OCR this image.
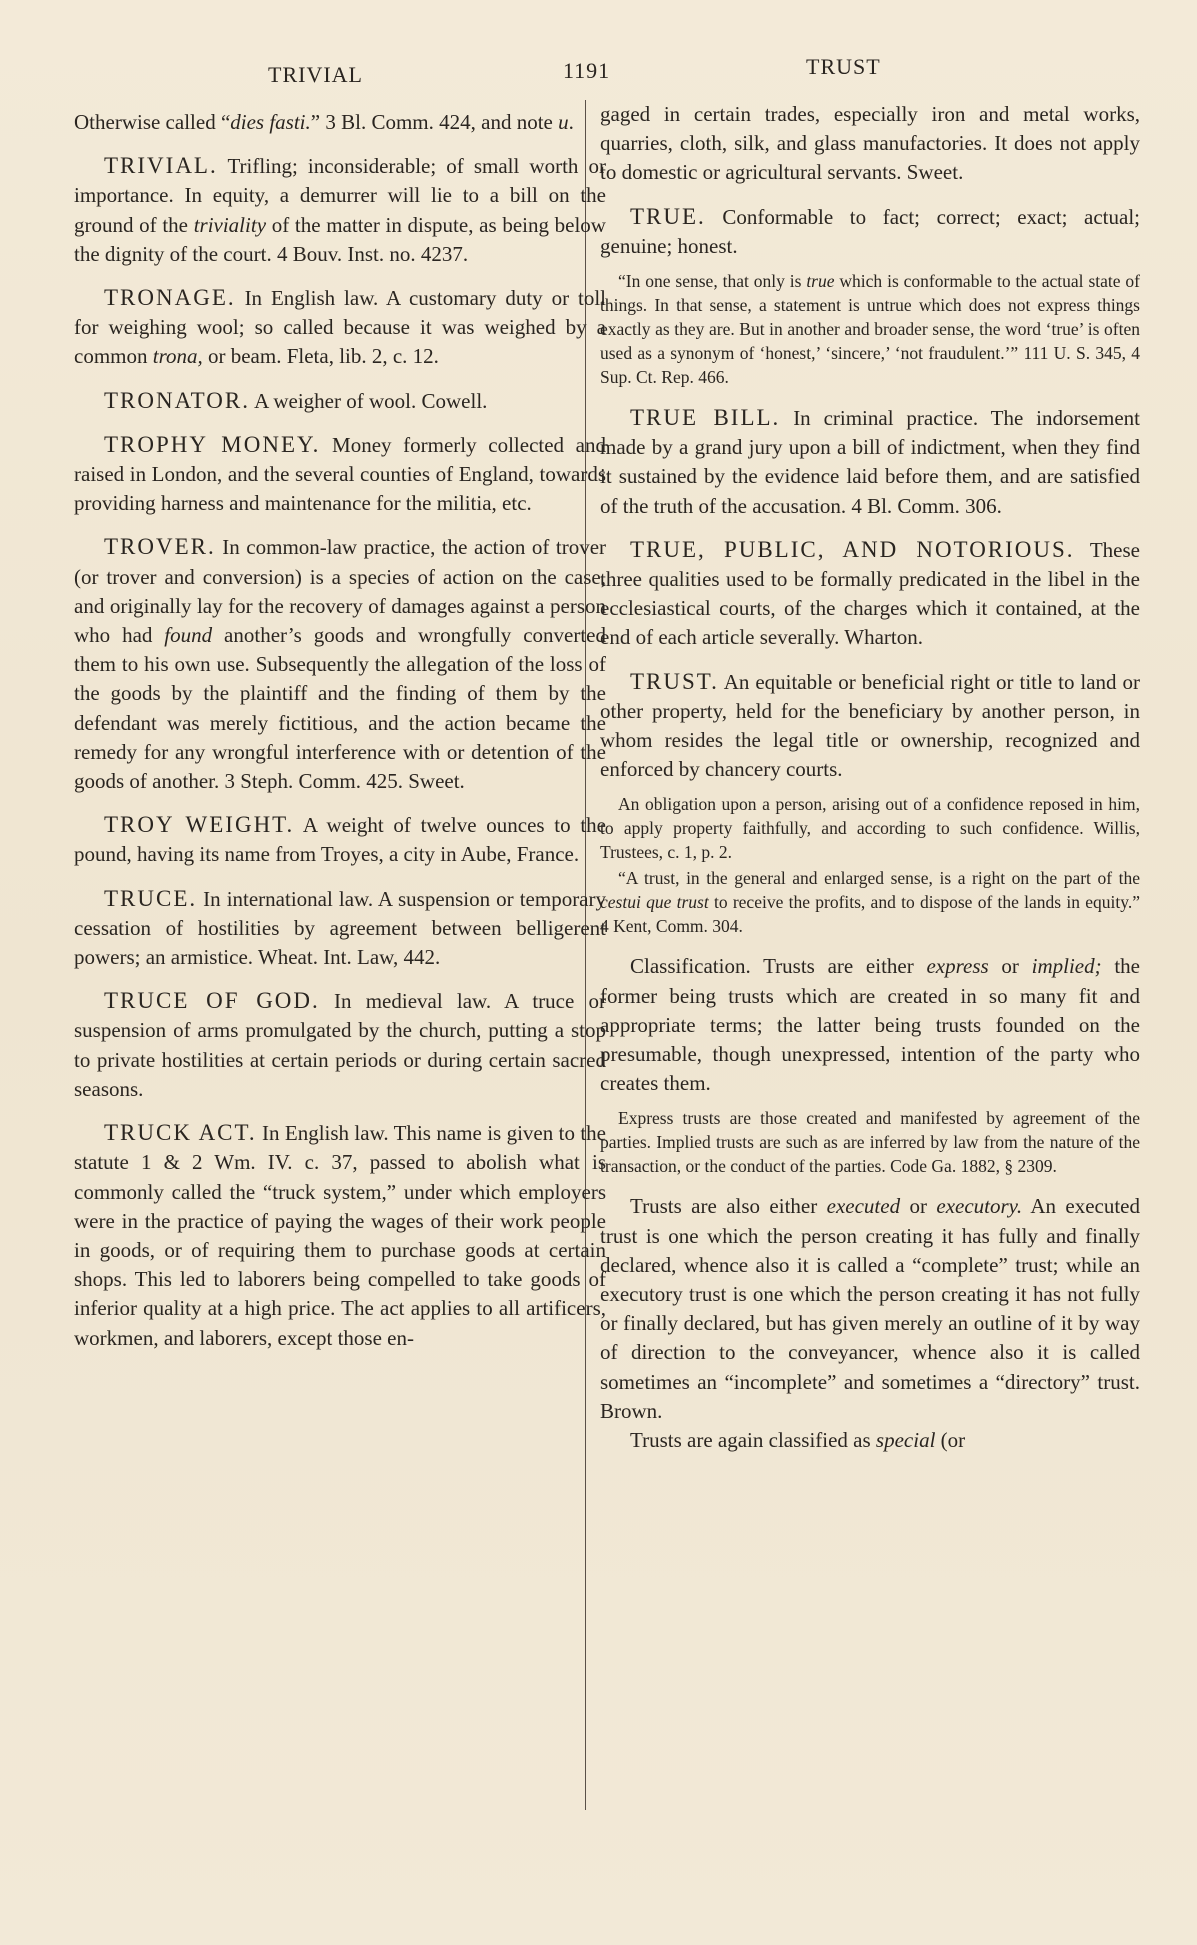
TRIVIAL	1191	TRUST

Otherwise called “dies fasti.” 3 Bl. Comm. 424, and note u.

TRIVIAL. Trifling; inconsiderable; of small worth or importance. In equity, a demurrer will lie to a bill on the ground of the triviality of the matter in dispute, as being below the dignity of the court. 4 Bouv. Inst. no. 4237.

TRONAGE. In English law. A customary duty or toll for weighing wool; so called because it was weighed by a common trona, or beam. Fleta, lib. 2, c. 12.

TRONATOR. A weigher of wool. Cowell.

TROPHY MONEY. Money formerly collected and raised in London, and the several counties of England, towards providing harness and maintenance for the militia, etc.

TROVER. In common-law practice, the action of trover (or trover and conversion) is a species of action on the case, and originally lay for the recovery of damages against a person who had found another’s goods and wrongfully converted them to his own use. Subsequently the allegation of the loss of the goods by the plaintiff and the finding of them by the defendant was merely fictitious, and the action became the remedy for any wrongful interference with or detention of the goods of another. 3 Steph. Comm. 425. Sweet.

TROY WEIGHT. A weight of twelve ounces to the pound, having its name from Troyes, a city in Aube, France.

TRUCE. In international law. A suspension or temporary cessation of hostilities by agreement between belligerent powers; an armistice. Wheat. Int. Law, 442.

TRUCE OF GOD. In medieval law. A truce or suspension of arms promulgated by the church, putting a stop to private hostilities at certain periods or during certain sacred seasons.

TRUCK ACT. In English law. This name is given to the statute 1 & 2 Wm. IV. c. 37, passed to abolish what is commonly called the “truck system,” under which employers were in the practice of paying the wages of their work people in goods, or of requiring them to purchase goods at certain shops. This led to laborers being compelled to take goods of inferior quality at a high price. The act applies to all artificers, workmen, and laborers, except those en-

gaged in certain trades, especially iron and metal works, quarries, cloth, silk, and glass manufactories. It does not apply to domestic or agricultural servants. Sweet.

TRUE. Conformable to fact; correct; exact; actual; genuine; honest.

“In one sense, that only is true which is conformable to the actual state of things. In that sense, a statement is untrue which does not express things exactly as they are. But in another and broader sense, the word ‘true’ is often used as a synonym of ‘honest,’ ‘sincere,’ ‘not fraudulent.’” 111 U. S. 345, 4 Sup. Ct. Rep. 466.

TRUE BILL. In criminal practice. The indorsement made by a grand jury upon a bill of indictment, when they find it sustained by the evidence laid before them, and are satisfied of the truth of the accusation. 4 Bl. Comm. 306.

TRUE, PUBLIC, AND NOTORIOUS. These three qualities used to be formally predicated in the libel in the ecclesiastical courts, of the charges which it contained, at the end of each article severally. Wharton.

TRUST. An equitable or beneficial right or title to land or other property, held for the beneficiary by another person, in whom resides the legal title or ownership, recognized and enforced by chancery courts.

An obligation upon a person, arising out of a confidence reposed in him, to apply property faithfully, and according to such confidence. Willis, Trustees, c. 1, p. 2.

“A trust, in the general and enlarged sense, is a right on the part of the cestui que trust to receive the profits, and to dispose of the lands in equity.” 4 Kent, Comm. 304.

Classification. Trusts are either express or implied; the former being trusts which are created in so many fit and appropriate terms; the latter being trusts founded on the presumable, though unexpressed, intention of the party who creates them.

Express trusts are those created and manifested by agreement of the parties. Implied trusts are such as are inferred by law from the nature of the transaction, or the conduct of the parties. Code Ga. 1882, § 2309.

Trusts are also either executed or executory. An executed trust is one which the person creating it has fully and finally declared, whence also it is called a “complete” trust; while an executory trust is one which the person creating it has not fully or finally declared, but has given merely an outline of it by way of direction to the conveyancer, whence also it is called sometimes an “incomplete” and sometimes a “directory” trust. Brown.

Trusts are again classified as special (or
